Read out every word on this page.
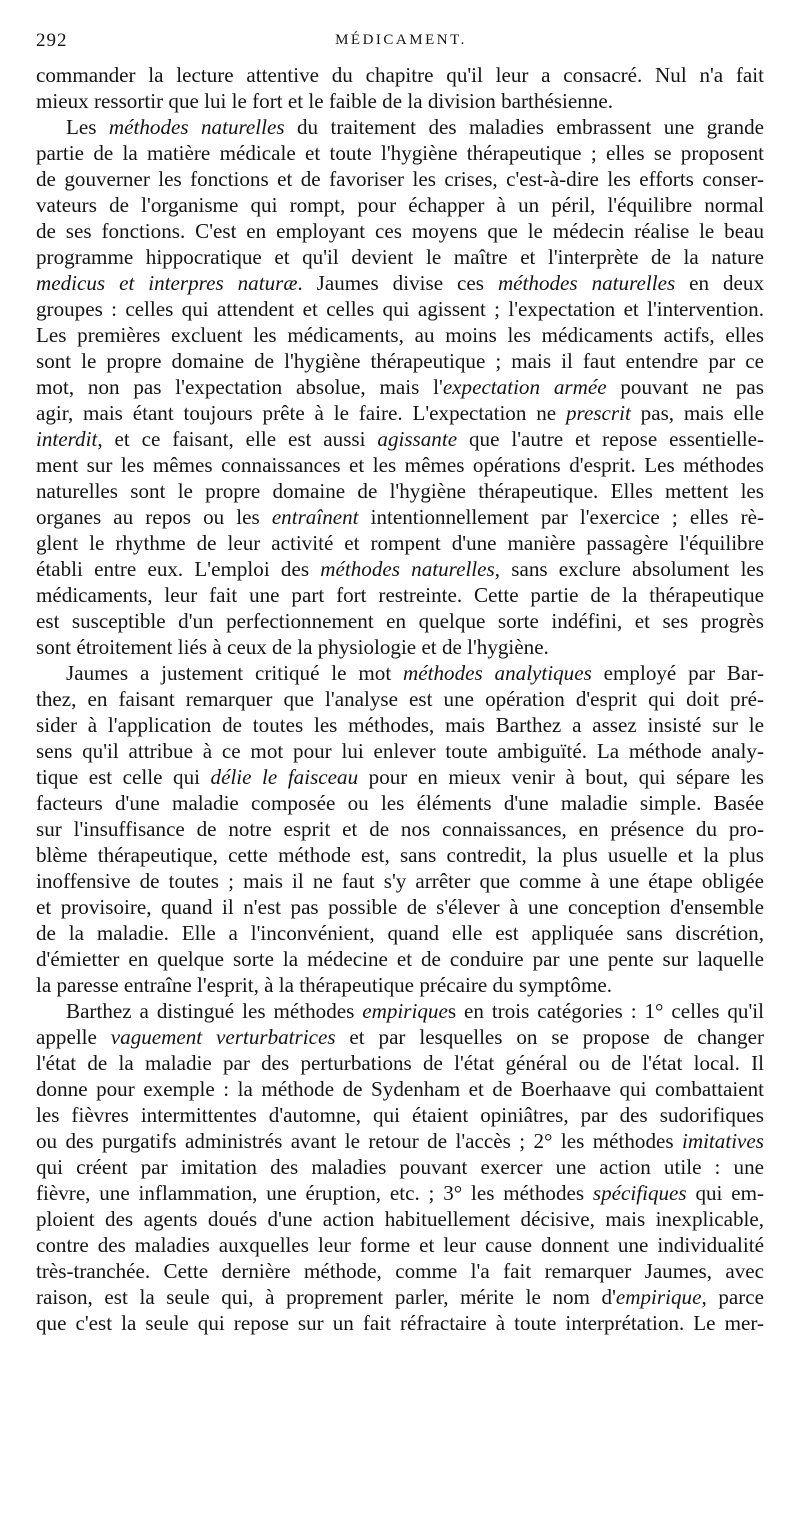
292	MÉDICAMENT.
commander la lecture attentive du chapitre qu'il leur a consacré. Nul n'a fait
mieux ressortir que lui le fort et le faible de la division barthésienne.
Les méthodes naturelles du traitement des maladies embrassent une grande
partie de la matière médicale et toute l'hygiène thérapeutique ; elles se proposent
de gouverner les fonctions et de favoriser les crises, c'est-à-dire les efforts conser-
vateurs de l'organisme qui rompt, pour échapper à un péril, l'équilibre normal
de ses fonctions. C'est en employant ces moyens que le médecin réalise le beau
programme hippocratique et qu'il devient le maître et l'interprète de la nature
medicus et interpres naturæ. Jaumes divise ces méthodes naturelles en deux
groupes : celles qui attendent et celles qui agissent ; l'expectation et l'intervention.
Les premières excluent les médicaments, au moins les médicaments actifs, elles
sont le propre domaine de l'hygiène thérapeutique ; mais il faut entendre par ce
mot, non pas l'expectation absolue, mais l'expectation armée pouvant ne pas
agir, mais étant toujours prête à le faire. L'expectation ne prescrit pas, mais elle
interdit, et ce faisant, elle est aussi agissante que l'autre et repose essentielle-
ment sur les mêmes connaissances et les mêmes opérations d'esprit. Les méthodes
naturelles sont le propre domaine de l'hygiène thérapeutique. Elles mettent les
organes au repos ou les entraînent intentionnellement par l'exercice ; elles rè-
glent le rhythme de leur activité et rompent d'une manière passagère l'équilibre
établi entre eux. L'emploi des méthodes naturelles, sans exclure absolument les
médicaments, leur fait une part fort restreinte. Cette partie de la thérapeutique
est susceptible d'un perfectionnement en quelque sorte indéfini, et ses progrès
sont étroitement liés à ceux de la physiologie et de l'hygiène.
Jaumes a justement critiqué le mot méthodes analytiques employé par Bar-
thez, en faisant remarquer que l'analyse est une opération d'esprit qui doit pré-
sider à l'application de toutes les méthodes, mais Barthez a assez insisté sur le
sens qu'il attribue à ce mot pour lui enlever toute ambiguïté. La méthode analy-
tique est celle qui délie le faisceau pour en mieux venir à bout, qui sépare les
facteurs d'une maladie composée ou les éléments d'une maladie simple. Basée
sur l'insuffisance de notre esprit et de nos connaissances, en présence du pro-
blème thérapeutique, cette méthode est, sans contredit, la plus usuelle et la plus
inoffensive de toutes ; mais il ne faut s'y arrêter que comme à une étape obligée
et provisoire, quand il n'est pas possible de s'élever à une conception d'ensemble
de la maladie. Elle a l'inconvénient, quand elle est appliquée sans discrétion,
d'émietter en quelque sorte la médecine et de conduire par une pente sur laquelle
la paresse entraîne l'esprit, à la thérapeutique précaire du symptôme.
Barthez a distingué les méthodes empiriques en trois catégories : 1° celles qu'il
appelle vaguement verturbatrices et par lesquelles on se propose de changer
l'état de la maladie par des perturbations de l'état général ou de l'état local. Il
donne pour exemple : la méthode de Sydenham et de Boerhaave qui combattaient
les fièvres intermittentes d'automne, qui étaient opiniâtres, par des sudorifiques
ou des purgatifs administrés avant le retour de l'accès ; 2° les méthodes imitatives
qui créent par imitation des maladies pouvant exercer une action utile : une
fièvre, une inflammation, une éruption, etc. ; 3° les méthodes spécifiques qui em-
ploient des agents doués d'une action habituellement décisive, mais inexplicable,
contre des maladies auxquelles leur forme et leur cause donnent une individualité
très-tranchée. Cette dernière méthode, comme l'a fait remarquer Jaumes, avec
raison, est la seule qui, à proprement parler, mérite le nom d'empirique, parce
que c'est la seule qui repose sur un fait réfractaire à toute interprétation. Le mer-
